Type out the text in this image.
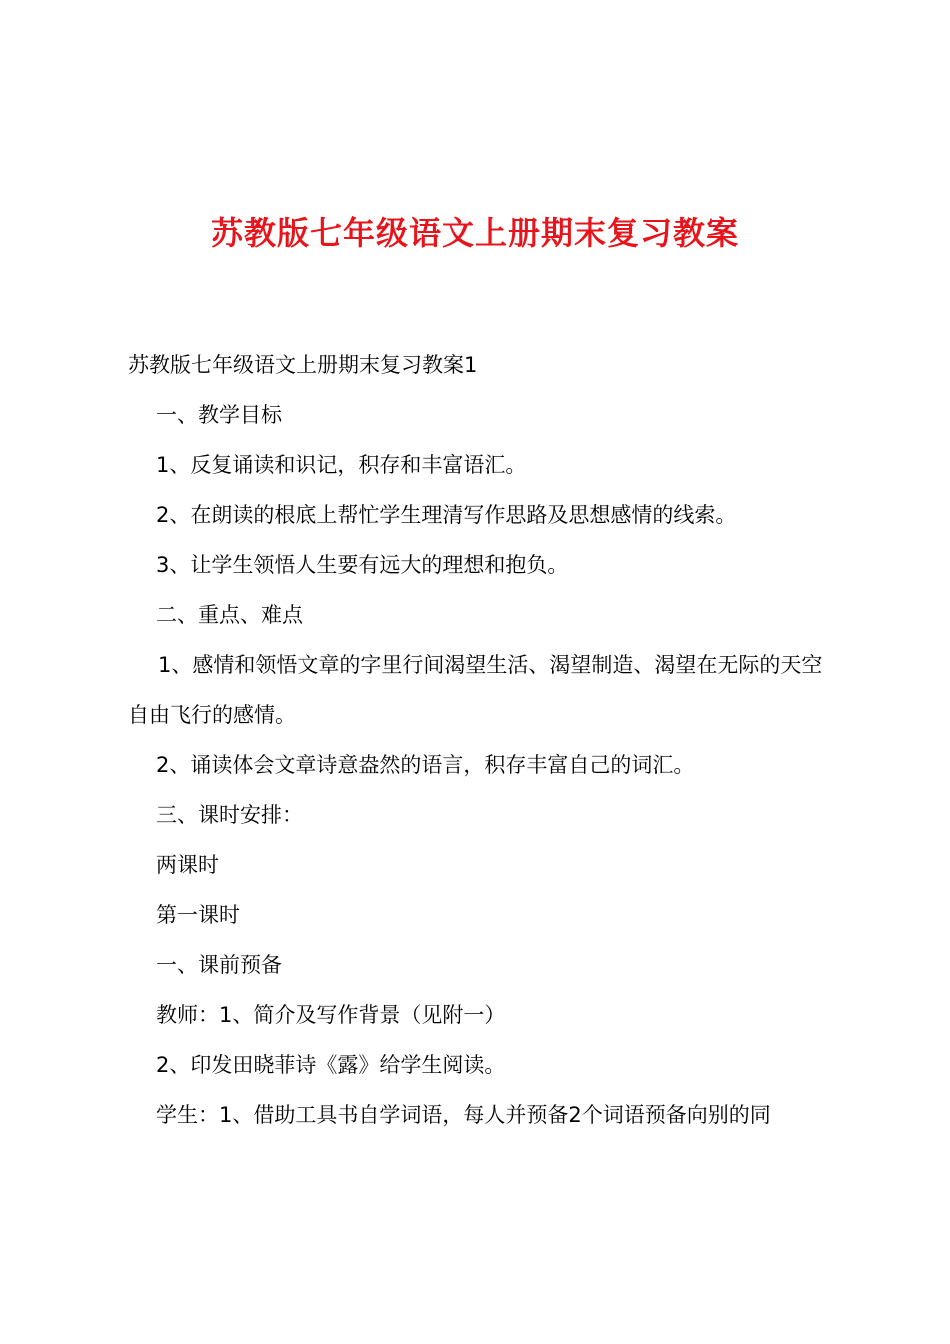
苏教版七年级语文上册期末复习教案

苏教版七年级语文上册期末复习教案1

一、教学目标

1、反复诵读和识记，积存和丰富语汇。

2、在朗读的根底上帮忙学生理清写作思路及思想感情的线索。

3、让学生领悟人生要有远大的理想和抱负。

二、重点、难点

1、感情和领悟文章的字里行间渴望生活、渴望制造、渴望在无际的天空自由飞行的感情。

2、诵读体会文章诗意盎然的语言，积存丰富自己的词汇。

三、课时安排：

两课时

第一课时

一、课前预备

教师：1、简介及写作背景（见附一）

2、印发田晓菲诗《露》给学生阅读。

学生：1、借助工具书自学词语，每人并预备2个词语预备向别的同
